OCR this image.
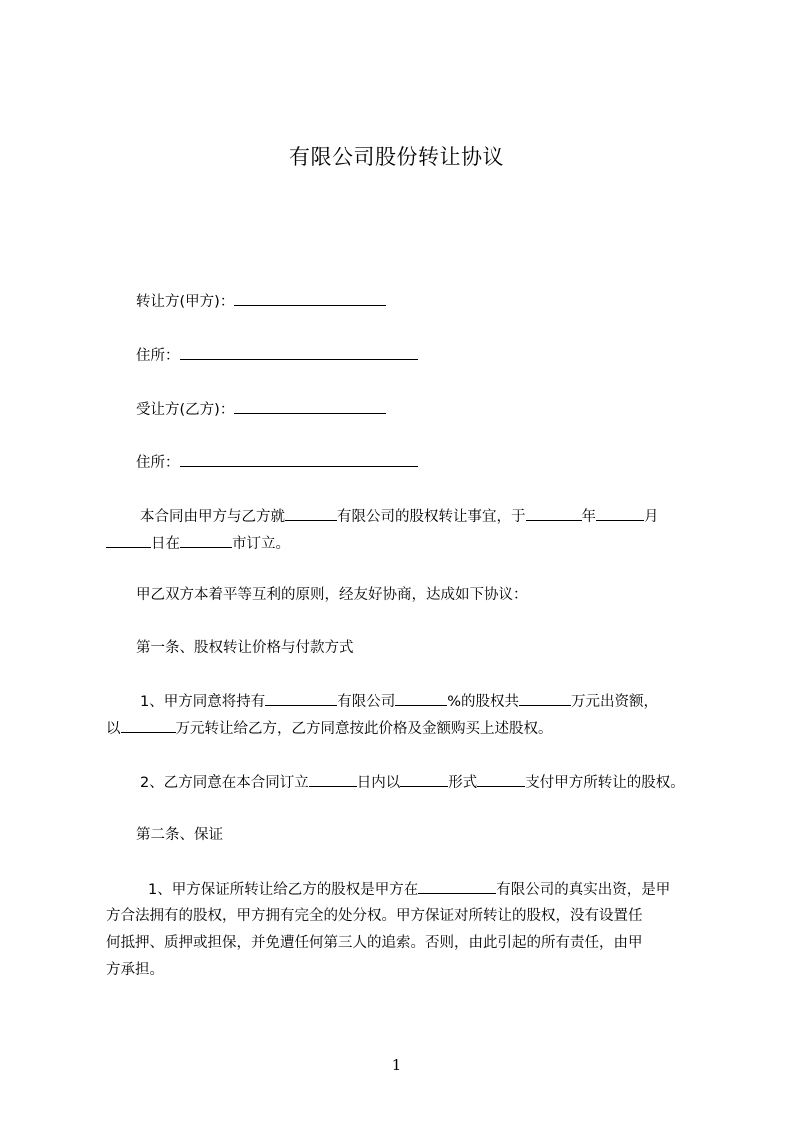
有限公司股份转让协议
转让方(甲方)：
住所：
受让方(乙方)：
住所：
本合同由甲方与乙方就	有限公司的股权转让事宜，于	年	月
日在	市订立。
甲乙双方本着平等互利的原则，经友好协商，达成如下协议：
第一条、股权转让价格与付款方式
1、甲方同意将持有	有限公司	%的股权共	万元出资额，
以	万元转让给乙方，乙方同意按此价格及金额购买上述股权。
2、乙方同意在本合同订立	日内以	形式	支付甲方所转让的股权。
第二条、保证
1、甲方保证所转让给乙方的股权是甲方在	有限公司的真实出资，是甲
方合法拥有的股权，甲方拥有完全的处分权。甲方保证对所转让的股权，没有设置任
何抵押、质押或担保，并免遭任何第三人的追索。否则，由此引起的所有责任，由甲
方承担。
1
